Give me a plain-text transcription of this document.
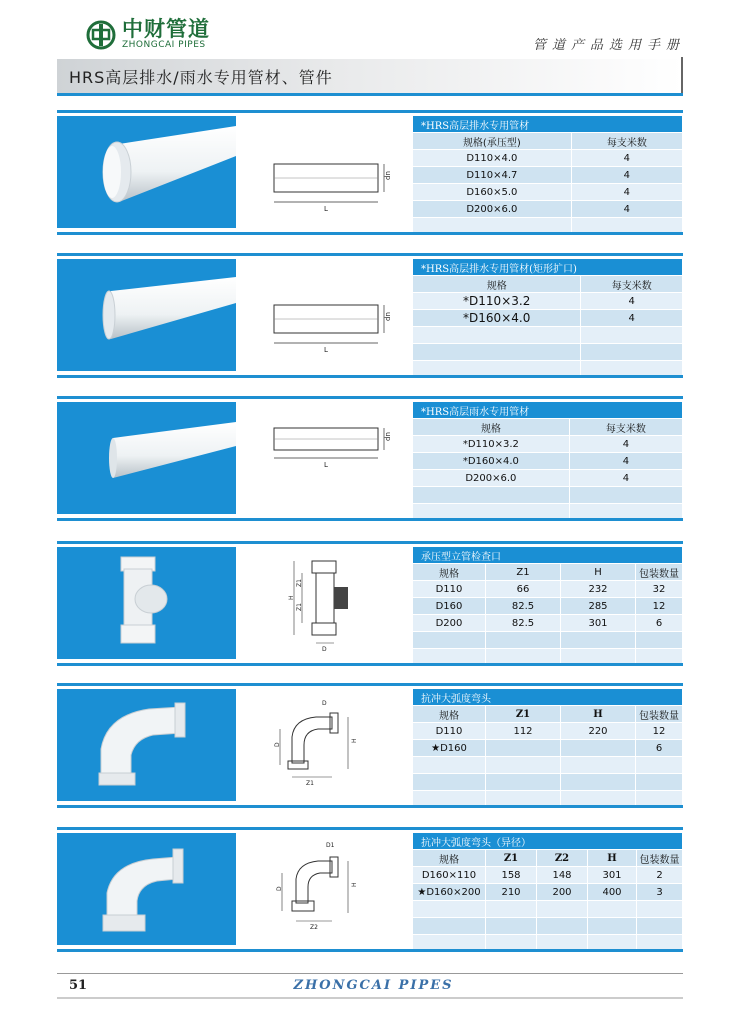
中财管道
ZHONGCAI PIPES	管道产品选用手册
HRS高层排水/雨水专用管材、管件
dn
L
*HRS高层排水专用管材	
规格(承压型)	每支米数
D110×4.0	4
D110×4.7	4
D160×5.0	4
D200×6.0	4

dn
L
*HRS高层排水专用管材(矩形扩口)	
规格	每支米数
*D110×3.2	4
*D160×4.0	4

dn
L
*HRS高层雨水专用管材	
规格	每支米数
*D110×3.2	4
*D160×4.0	4
D200×6.0	4

H
Z1
Z1
D
承压型立管检查口			
规格	Z1	H	包装数量
D110	66	232	32
D160	82.5	285	12
D200	82.5	301	6

D
D
H
Z1
抗冲大弧度弯头			
规格	Z1	H	包装数量
D110	112	220	12
★D160			6

D1
D
H
Z2
抗冲大弧度弯头（异径）				
规格	Z1	Z2	H	包装数量
D160×110	158	148	301	2
★D160×200	210	200	400	3

51	ZHONGCAI PIPES
